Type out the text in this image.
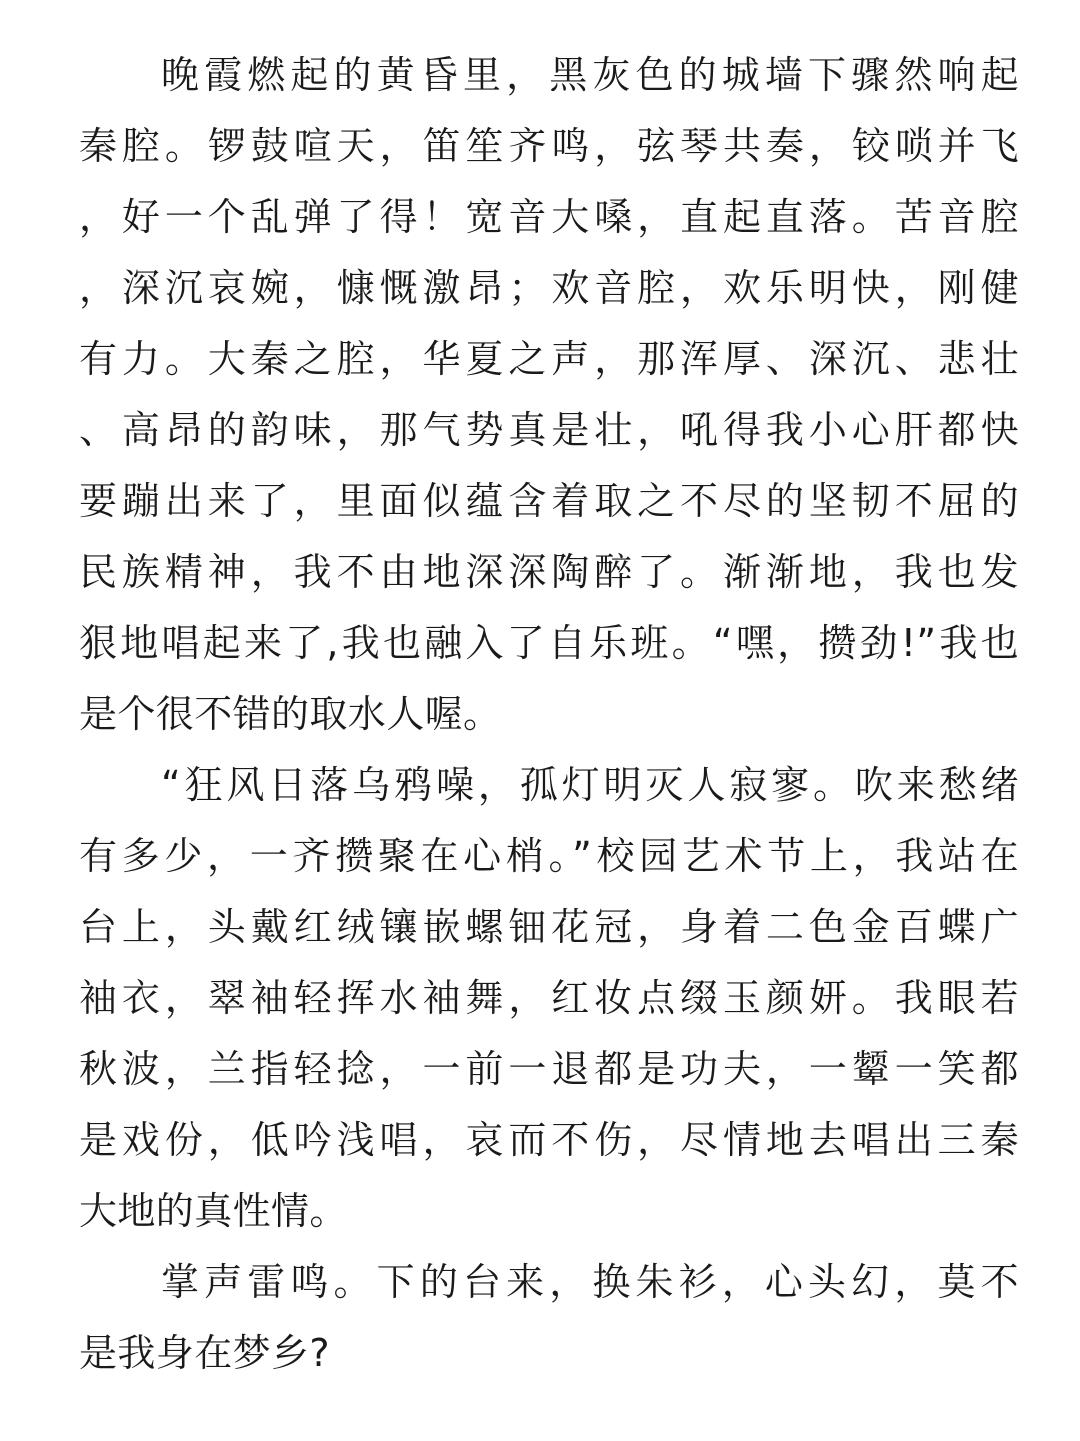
晚霞燃起的黄昏里，黑灰色的城墙下骤然响起
秦腔。锣鼓喧天，笛笙齐鸣，弦琴共奏，铰唢并飞
，好一个乱弹了得！宽音大嗓，直起直落。苦音腔
，深沉哀婉，慷慨激昂；欢音腔，欢乐明快，刚健
有力。大秦之腔，华夏之声，那浑厚、深沉、悲壮
、高昂的韵味，那气势真是壮，吼得我小心肝都快
要蹦出来了，里面似蕴含着取之不尽的坚韧不屈的
民族精神，我不由地深深陶醉了。渐渐地，我也发
狠地唱起来了,我也融入了自乐班。“嘿，攒劲!”我也
是个很不错的取水人喔。
“狂风日落乌鸦噪，孤灯明灭人寂寥。吹来愁绪
有多少，一齐攒聚在心梢。”校园艺术节上，我站在
台上，头戴红绒镶嵌螺钿花冠，身着二色金百蝶广
袖衣，翠袖轻挥水袖舞，红妆点缀玉颜妍。我眼若
秋波，兰指轻捻，一前一退都是功夫，一颦一笑都
是戏份，低吟浅唱，哀而不伤，尽情地去唱出三秦
大地的真性情。
掌声雷鸣。下的台来，换朱衫，心头幻，莫不
是我身在梦乡?
